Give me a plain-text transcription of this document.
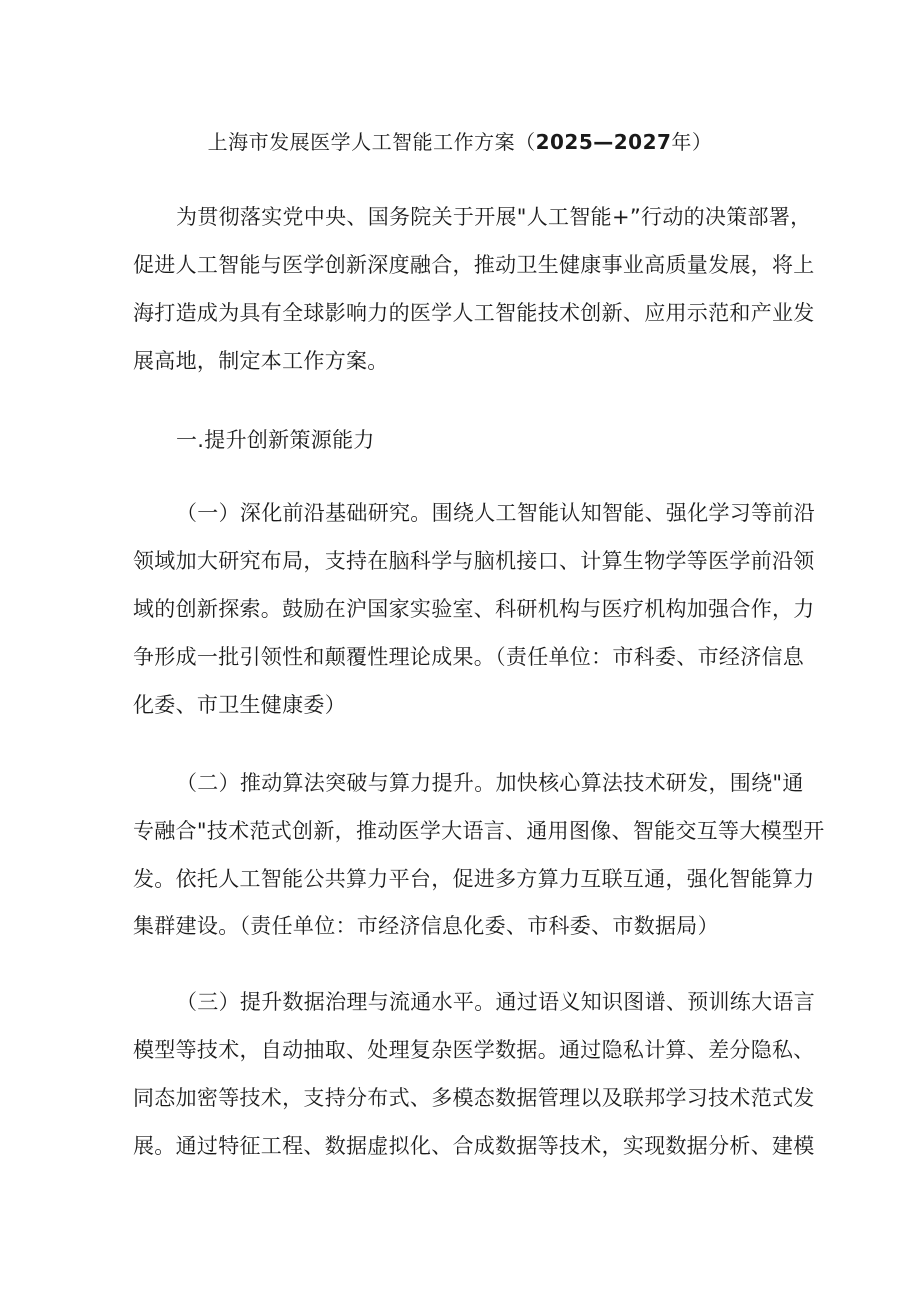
上海市发展医学人工智能工作方案（2025—2027年）
为贯彻落实党中央、国务院关于开展"人工智能+”行动的决策部署，
促进人工智能与医学创新深度融合，推动卫生健康事业高质量发展，将上
海打造成为具有全球影响力的医学人工智能技术创新、应用示范和产业发
展高地，制定本工作方案。
一.提升创新策源能力
（一）深化前沿基础研究。围绕人工智能认知智能、强化学习等前沿
领域加大研究布局，支持在脑科学与脑机接口、计算生物学等医学前沿领
域的创新探索。鼓励在沪国家实验室、科研机构与医疗机构加强合作，力
争形成一批引领性和颠覆性理论成果。（责任单位：市科委、市经济信息
化委、市卫生健康委）
（二）推动算法突破与算力提升。加快核心算法技术研发，围绕"通
专融合"技术范式创新，推动医学大语言、通用图像、智能交互等大模型开
发。依托人工智能公共算力平台，促进多方算力互联互通，强化智能算力
集群建设。（责任单位：市经济信息化委、市科委、市数据局）
（三）提升数据治理与流通水平。通过语义知识图谱、预训练大语言
模型等技术，自动抽取、处理复杂医学数据。通过隐私计算、差分隐私、
同态加密等技术，支持分布式、多模态数据管理以及联邦学习技术范式发
展。通过特征工程、数据虚拟化、合成数据等技术，实现数据分析、建模
